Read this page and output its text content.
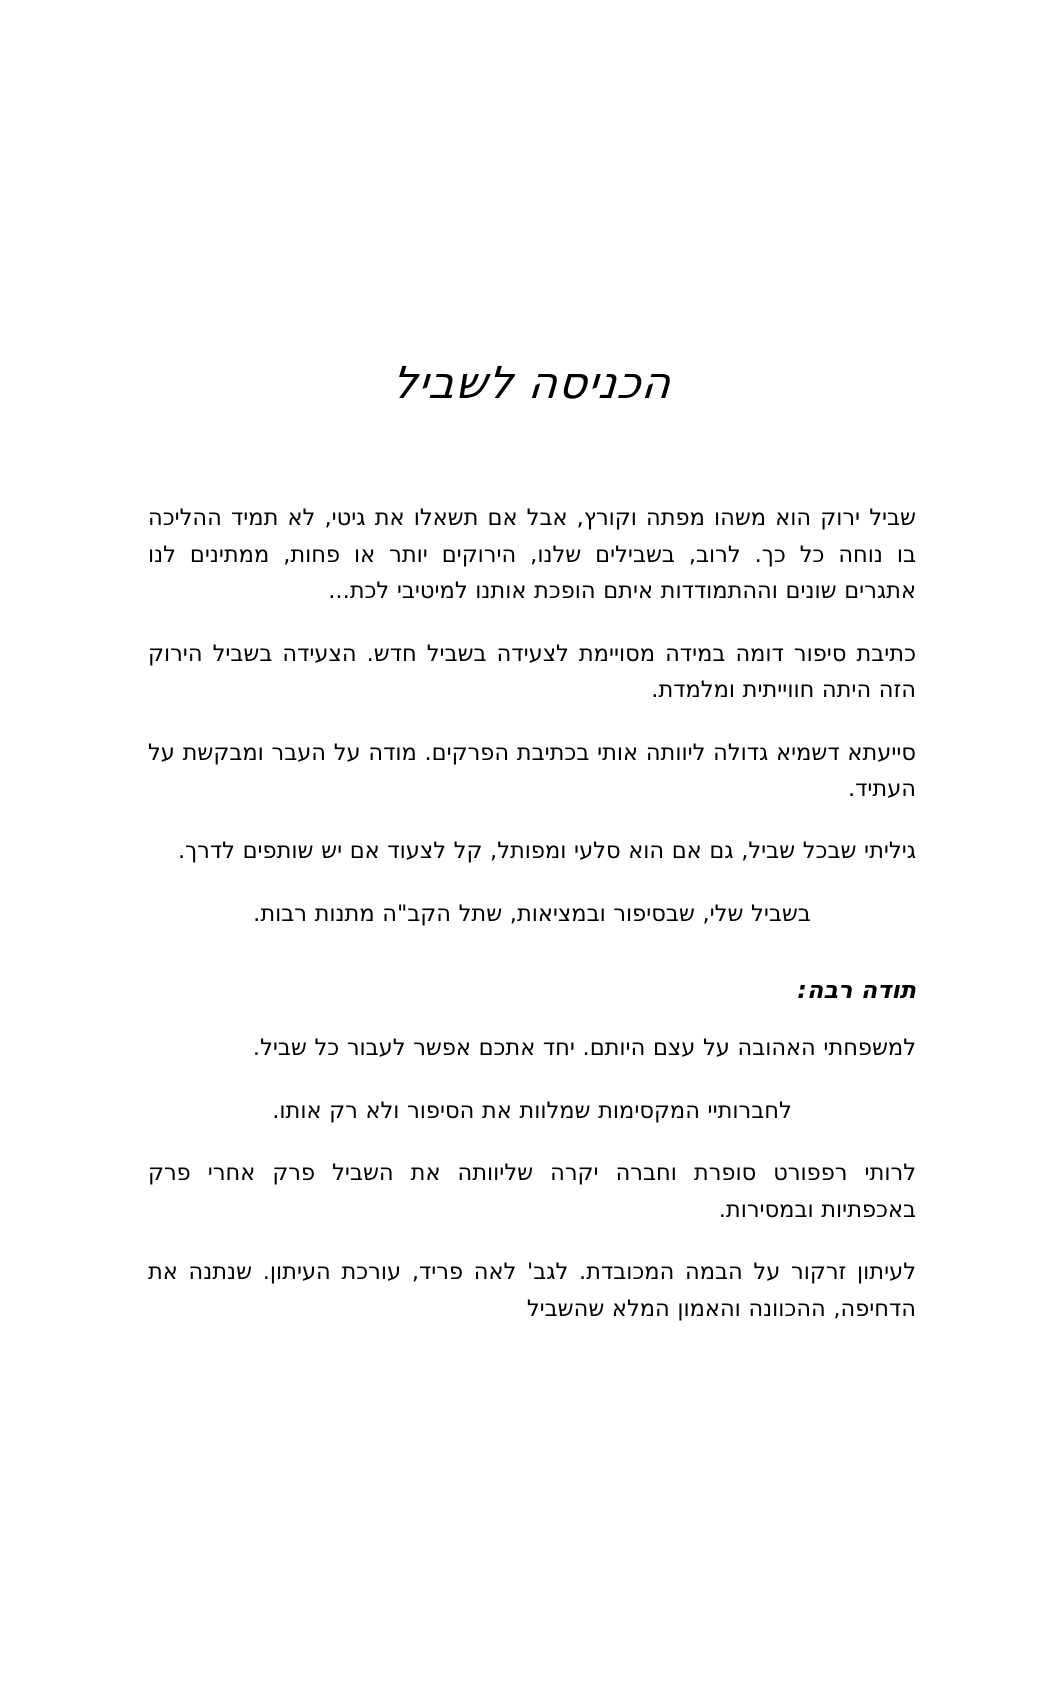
הכניסה לשביל

שביל ירוק הוא משהו מפתה וקורץ, אבל אם תשאלו את גיטי, לא תמיד ההליכה בו נוחה כל כך. לרוב, בשבילים שלנו, הירוקים יותר או פחות, ממתינים לנו אתגרים שונים וההתמודדות איתם הופכת אותנו למיטיבי לכת...

כתיבת סיפור דומה במידה מסויימת לצעידה בשביל חדש. הצעידה בשביל הירוק הזה היתה חווייתית ומלמדת.

סייעתא דשמיא גדולה ליוותה אותי בכתיבת הפרקים. מודה על העבר ומבקשת על העתיד.

גיליתי שבכל שביל, גם אם הוא סלעי ומפותל, קל לצעוד אם יש שותפים לדרך.

בשביל שלי, שבסיפור ובמציאות, שתל הקב"ה מתנות רבות.

תודה רבה:

למשפחתי האהובה על עצם היותם. יחד אתכם אפשר לעבור כל שביל.

לחברותיי המקסימות שמלוות את הסיפור ולא רק אותו.

לרותי רפפורט סופרת וחברה יקרה שליוותה את השביל פרק אחרי פרק באכפתיות ובמסירות.

לעיתון זרקור על הבמה המכובדת. לגב' לאה פריד, עורכת העיתון. שנתנה את הדחיפה, ההכוונה והאמון המלא שהשביל
